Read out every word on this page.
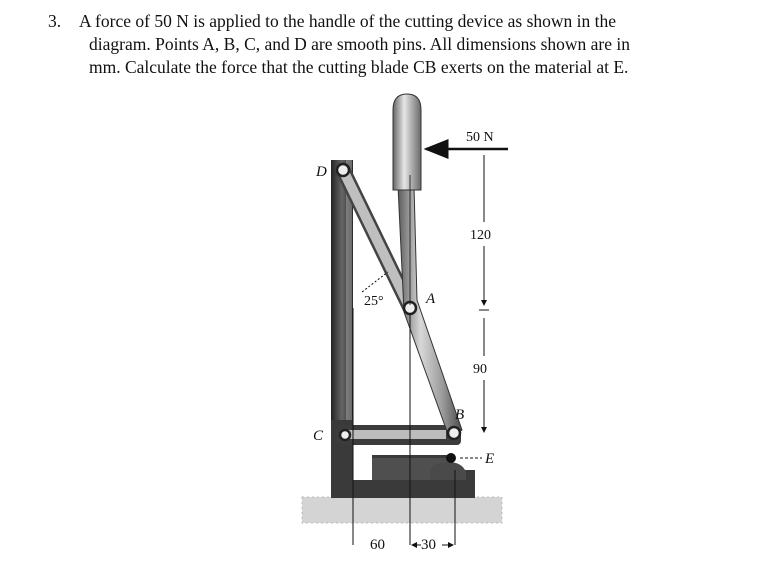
3. A force of 50 N is applied to the handle of the cutting device as shown in the
diagram. Points A, B, C, and D are smooth pins. All dimensions shown are in
mm. Calculate the force that the cutting blade CB exerts on the material at E.
50 N
120
90
60 30
25°
D
A
B
C
E
